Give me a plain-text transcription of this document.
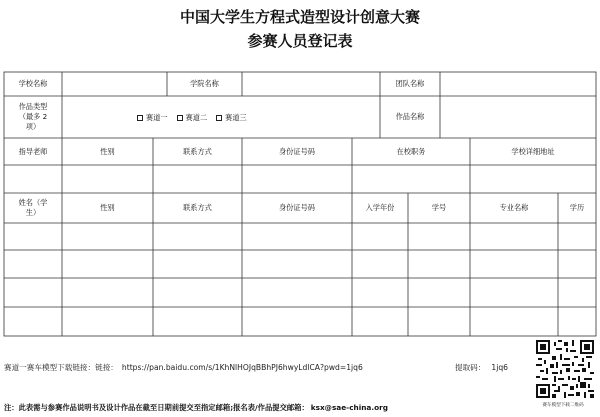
中国大学生方程式造型设计创意大赛
参赛人员登记表
学校名称	学院名称	团队名称
作品类型
（最多 2
项）
赛道一	赛道二	赛道三	作品名称
指导老师	性别	联系方式	身份证号码	在校职务	学校详细地址
姓名（学
生）
性别	联系方式	身份证号码	入学年份	学号	专业名称	学历
赛道一赛车模型下载链接：链接： https://pan.baidu.com/s/1KhNlHOJqBBhPJ6hwyLdlCA?pwd=1jq6	提取码： 1jq6
赛车模型下载二维码
注：此表需与参赛作品说明书及设计作品在截至日期前提交至指定邮箱;报名表/作品提交邮箱： ksx@sae-china.org
